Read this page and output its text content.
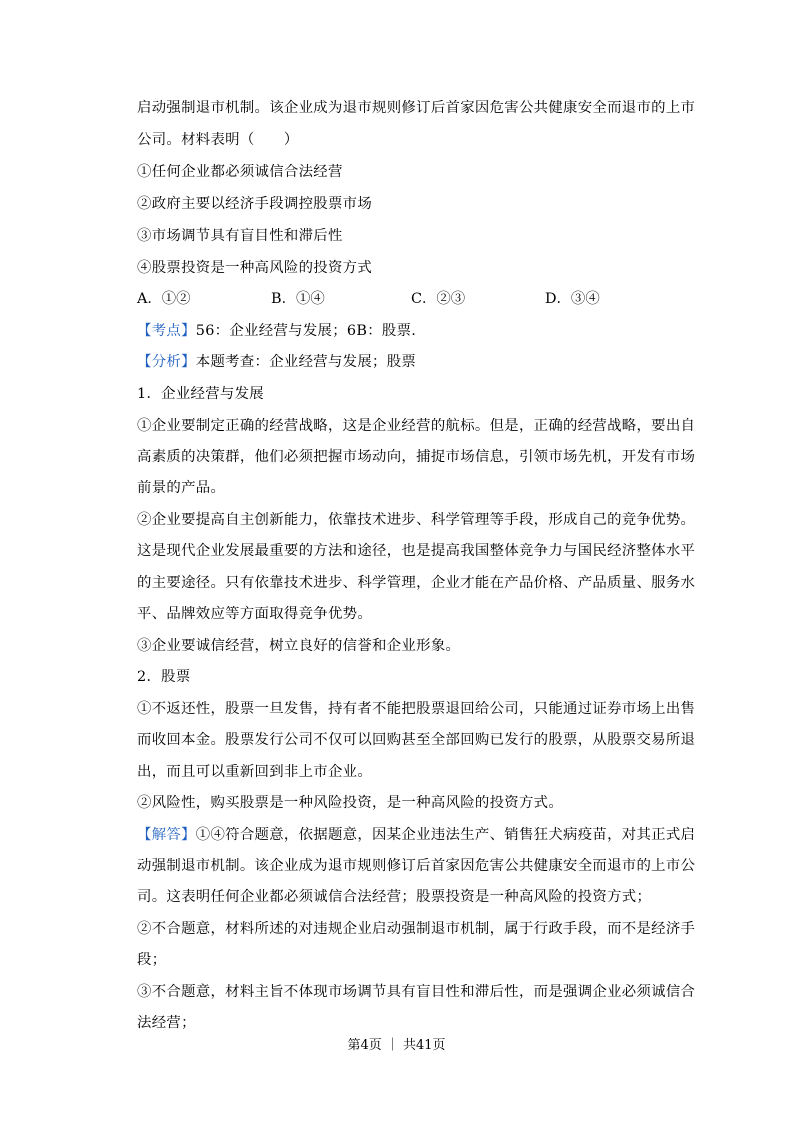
启动强制退市机制。该企业成为退市规则修订后首家因危害公共健康安全而退市的上市
公司。材料表明（　　）
①任何企业都必须诚信合法经营
②政府主要以经济手段调控股票市场
③市场调节具有盲目性和滞后性
④股票投资是一种高风险的投资方式
A．①②	B．①④	C．②③	D．③④
【考点】56：企业经营与发展；6B：股票.
【分析】本题考查：企业经营与发展；股票
1．企业经营与发展
①企业要制定正确的经营战略，这是企业经营的航标。但是，正确的经营战略，要出自
高素质的决策群，他们必须把握市场动向，捕捉市场信息，引领市场先机，开发有市场
前景的产品。
②企业要提高自主创新能力，依靠技术进步、科学管理等手段，形成自己的竞争优势。
这是现代企业发展最重要的方法和途径，也是提高我国整体竞争力与国民经济整体水平
的主要途径。只有依靠技术进步、科学管理，企业才能在产品价格、产品质量、服务水
平、品牌效应等方面取得竞争优势。
③企业要诚信经营，树立良好的信誉和企业形象。
2．股票
①不返还性，股票一旦发售，持有者不能把股票退回给公司，只能通过证券市场上出售
而收回本金。股票发行公司不仅可以回购甚至全部回购已发行的股票，从股票交易所退
出，而且可以重新回到非上市企业。
②风险性，购买股票是一种风险投资，是一种高风险的投资方式。
【解答】①④符合题意，依据题意，因某企业违法生产、销售狂犬病疫苗，对其正式启
动强制退市机制。该企业成为退市规则修订后首家因危害公共健康安全而退市的上市公
司。这表明任何企业都必须诚信合法经营；股票投资是一种高风险的投资方式；
②不合题意，材料所述的对违规企业启动强制退市机制，属于行政手段，而不是经济手
段；
③不合题意，材料主旨不体现市场调节具有盲目性和滞后性，而是强调企业必须诚信合
法经营；
第4页 ｜ 共41页
